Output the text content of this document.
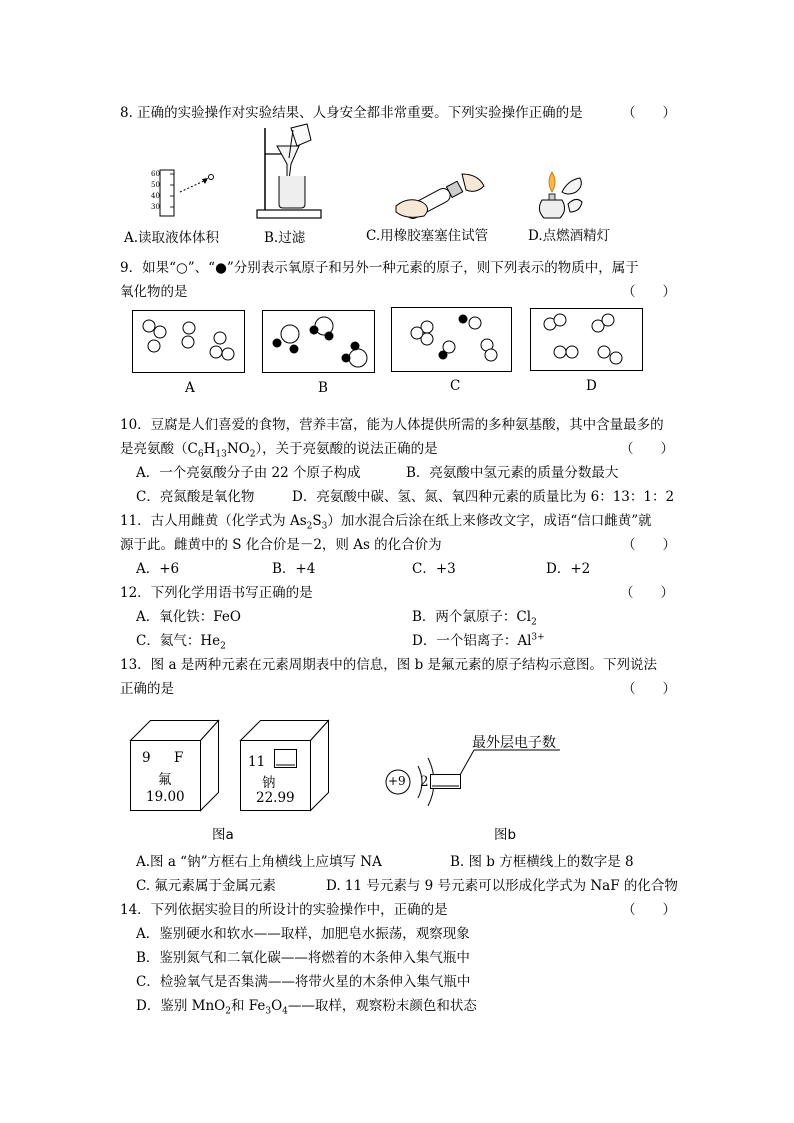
8. 正确的实验操作对实验结果、人身安全都非常重要。下列实验操作正确的是	（　　）
60
50
40
30
A.读取液体体积	B.过滤	C.用橡胶塞塞住试管	D.点燃酒精灯
9．如果“○”、“●”分别表示氧原子和另外一种元素的原子，则下列表示的物质中，属于
氧化物的是	（　　）
A	B	C	D
10．豆腐是人们喜爱的食物，营养丰富，能为人体提供所需的多种氨基酸，其中含量最多的
是亮氨酸$(C_6H_{13}NO_2)$，关于亮氨酸的说法正确的是	（　　）
A．一个亮氨酸分子由 22 个原子构成	B．亮氨酸中氢元素的质量分数最大
C．亮氮酸是氧化物	D．亮氨酸中碳、氢、氮、氧四种元素的质量比为 6：13：1：2
11．古人用雌黄（化学式为 $As_2S_3$）加水混合后涂在纸上来修改文字，成语“信口雌黄”就
源于此。雌黄中的 S 化合价是－2，则 As 的化合价为	（　　）
A．+6	B．+4	C．+3	D．+2
12．下列化学用语书写正确的是	（　　）
A．氧化铁：FeO	B．两个氯原子：$Cl_2$
C．氦气：$He_2$	D．一个铝离子：$Al^{3+}$
13．图 a 是两种元素在元素周期表中的信息，图 b 是氟元素的原子结构示意图。下列说法
正确的是	（　　）
9 F
氟
19.00
11
钠
22.99
+9 2
最外层电子数
图a	图b
A.图 a “钠”方框右上角横线上应填写 NA	B. 图 b 方框横线上的数字是 8
C. 氟元素属于金属元素	D. 11 号元素与 9 号元素可以形成化学式为 NaF 的化合物
14．下列依据实验目的所设计的实验操作中，正确的是	（　　）
A．鉴别硬水和软水——取样，加肥皂水振荡，观察现象
B．鉴别氮气和二氧化碳——将燃着的木条伸入集气瓶中
C．检验氧气是否集满——将带火星的木条伸入集气瓶中
D．鉴别 MnO$_2$和 $Fe_3O_4——$取样，观察粉末颜色和状态
